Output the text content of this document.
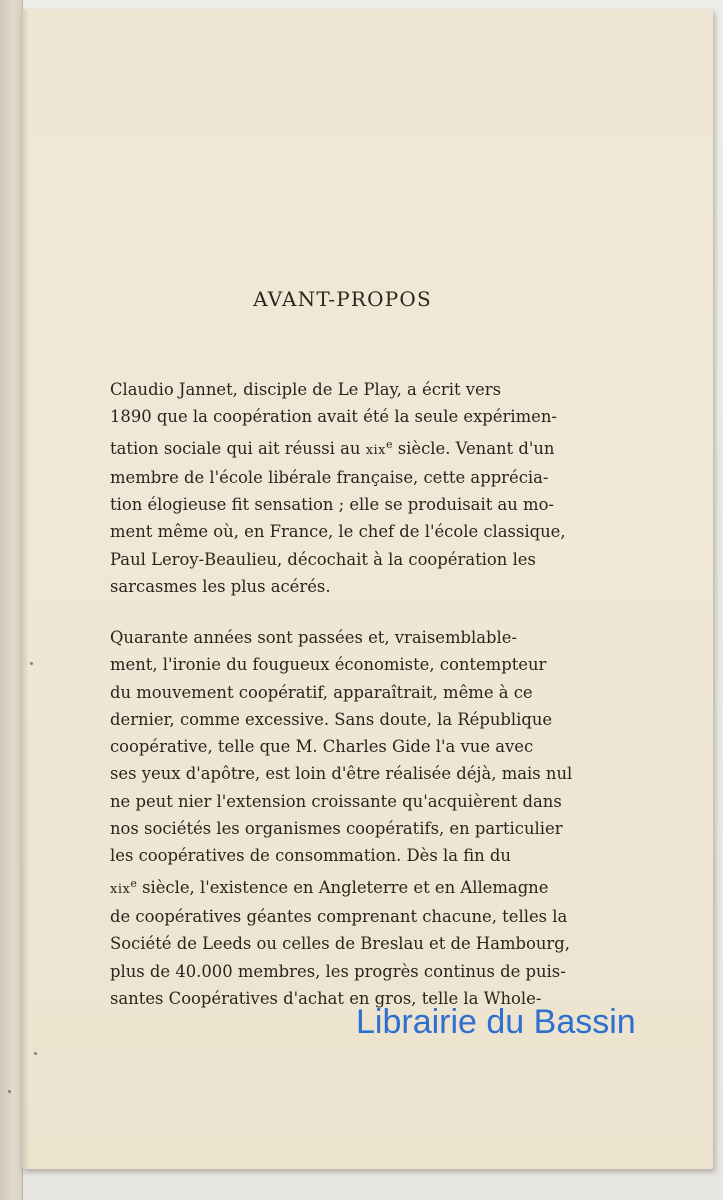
AVANT-PROPOS
Claudio Jannet, disciple de Le Play, a écrit vers
1890 que la coopération avait été la seule expérimen-
tation sociale qui ait réussi au xix$^e$ siècle. Venant d'un
membre de l'école libérale française, cette apprécia-
tion élogieuse fit sensation ; elle se produisait au mo-
ment même où, en France, le chef de l'école classique,
Paul Leroy-Beaulieu, décochait à la coopération les
sarcasmes les plus acérés.
Quarante années sont passées et, vraisemblable-
ment, l'ironie du fougueux économiste, contempteur
du mouvement coopératif, apparaîtrait, même à ce
dernier, comme excessive. Sans doute, la République
coopérative, telle que M. Charles Gide l'a vue avec
ses yeux d'apôtre, est loin d'être réalisée déjà, mais nul
ne peut nier l'extension croissante qu'acquièrent dans
nos sociétés les organismes coopératifs, en particulier
les coopératives de consommation. Dès la fin du
xix$^e$ siècle, l'existence en Angleterre et en Allemagne
de coopératives géantes comprenant chacune, telles la
Société de Leeds ou celles de Breslau et de Hambourg,
plus de 40.000 membres, les progrès continus de puis-
santes Coopératives d'achat en gros, telle la Whole-
Librairie du Bassin
